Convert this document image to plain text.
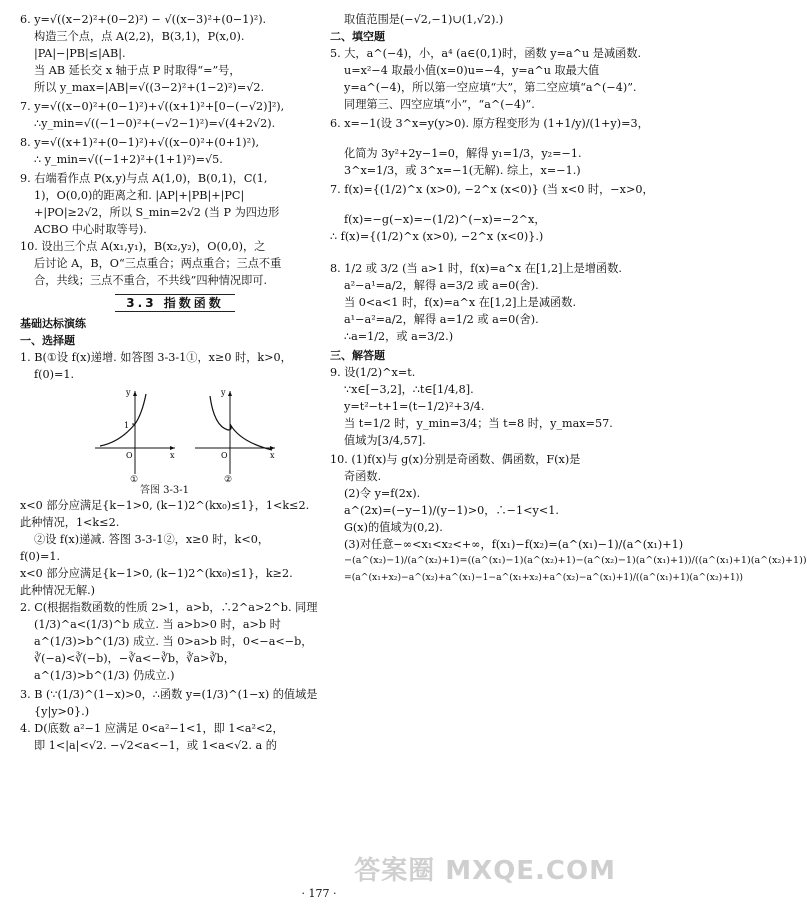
6. y=√((x−2)²+(0−2)²) − √((x−3)²+(0−1)²).
构造三个点，点 A(2,2)，B(3,1)，P(x,0).
|PA|−|PB|≤|AB|.
当 AB 延长交 x 轴于点 P 时取得“=”号，
所以 y_max=|AB|=√((3−2)²+(1−2)²)=√2.
7. y=√((x−0)²+(0−1)²)+√((x+1)²+[0−(−√2)]²),
∴y_min=√((−1−0)²+(−√2−1)²)=√(4+2√2).
8. y=√((x+1)²+(0−1)²)+√((x−0)²+(0+1)²),
∴ y_min=√((−1+2)²+(1+1)²)=√5.
9. 右端看作点 P(x,y)与点 A(1,0)，B(0,1)，C(1,
1)，O(0,0)的距离之和. |AP|+|PB|+|PC|
+|PO|≥2√2，所以 S_min=2√2 (当 P 为四边形
ACBO 中心时取等号).
10. 设出三个点 A(x₁,y₁)，B(x₂,y₂)，O(0,0)，之
后讨论 A，B，O“三点重合；两点重合；三点不重
合，共线；三点不重合，不共线”四种情况即可.
3.3 指数函数
基础达标演练
一、选择题
1. B(①设 f(x)递增. 如答图 3-3-1①，x≥0 时，k>0，
f(0)=1.
1
y
O	x
①
y
O	x
②
答图 3-3-1
x<0 部分应满足{k−1>0, (k−1)2^(kx₀)≤1}，1<k≤2.
此种情况，1<k≤2.
②设 f(x)递减. 答图 3-3-1②，x≥0 时，k<0，
f(0)=1.
x<0 部分应满足{k−1>0, (k−1)2^(kx₀)≤1}，k≥2.
此种情况无解.)
2. C(根据指数函数的性质 2>1，a>b，∴2^a>2^b. 同理
(1/3)^a<(1/3)^b 成立. 当 a>b>0 时，a>b 时
a^(1/3)>b^(1/3) 成立. 当 0>a>b 时，0<−a<−b，
∛(−a)<∛(−b)，−∛a<−∛b，∛a>∛b，
a^(1/3)>b^(1/3) 仍成立.)
3. B (∵(1/3)^(1−x)>0，∴函数 y=(1/3)^(1−x) 的值域是
{y|y>0}.)
4. D(底数 a²−1 应满足 0<a²−1<1，即 1<a²<2，
即 1<|a|<√2. −√2<a<−1，或 1<a<√2. a 的
取值范围是(−√2,−1)∪(1,√2).)
二、填空题
5. 大，a^(−4)，小，a⁴ (a∈(0,1)时，函数 y=a^u 是减函数.
u=x²−4 取最小值(x=0)u=−4，y=a^u 取最大值
y=a^(−4)，所以第一空应填“大”，第二空应填“a^(−4)”.
同理第三、四空应填“小”，“a^(−4)”.
6. x=−1(设 3^x=y(y>0). 原方程变形为 (1+1/y)/(1+y)=3，
化简为 3y²+2y−1=0，解得 y₁=1/3，y₂=−1.
3^x=1/3，或 3^x=−1(无解). 综上，x=−1.)
7. f(x)={(1/2)^x (x>0), −2^x (x<0)} (当 x<0 时，−x>0，
f(x)=−g(−x)=−(1/2)^(−x)=−2^x，
∴ f(x)={(1/2)^x (x>0), −2^x (x<0)}.)
8. 1/2 或 3/2 (当 a>1 时，f(x)=a^x 在[1,2]上是增函数.
a²−a¹=a/2，解得 a=3/2 或 a=0(舍).
当 0<a<1 时，f(x)=a^x 在[1,2]上是减函数.
a¹−a²=a/2，解得 a=1/2 或 a=0(舍).
∴a=1/2，或 a=3/2.)
三、解答题
9. 设(1/2)^x=t.
∵x∈[−3,2]，∴t∈[1/4,8].
y=t²−t+1=(t−1/2)²+3/4.
当 t=1/2 时，y_min=3/4；当 t=8 时，y_max=57.
值域为[3/4,57].
10. (1)f(x)与 g(x)分别是奇函数、偶函数，F(x)是
奇函数.
(2)令 y=f(2x).
a^(2x)=(−y−1)/(y−1)>0，∴−1<y<1.
G(x)的值域为(0,2).
(3)对任意−∞<x₁<x₂<+∞，f(x₁)−f(x₂)=(a^(x₁)−1)/(a^(x₁)+1)
−(a^(x₂)−1)/(a^(x₂)+1)=((a^(x₁)−1)(a^(x₂)+1)−(a^(x₂)−1)(a^(x₁)+1))/((a^(x₁)+1)(a^(x₂)+1))
=(a^(x₁+x₂)−a^(x₂)+a^(x₁)−1−a^(x₁+x₂)+a^(x₂)−a^(x₁)+1)/((a^(x₁)+1)(a^(x₂)+1))
答案圈 MXQE.COM
· 177 ·
